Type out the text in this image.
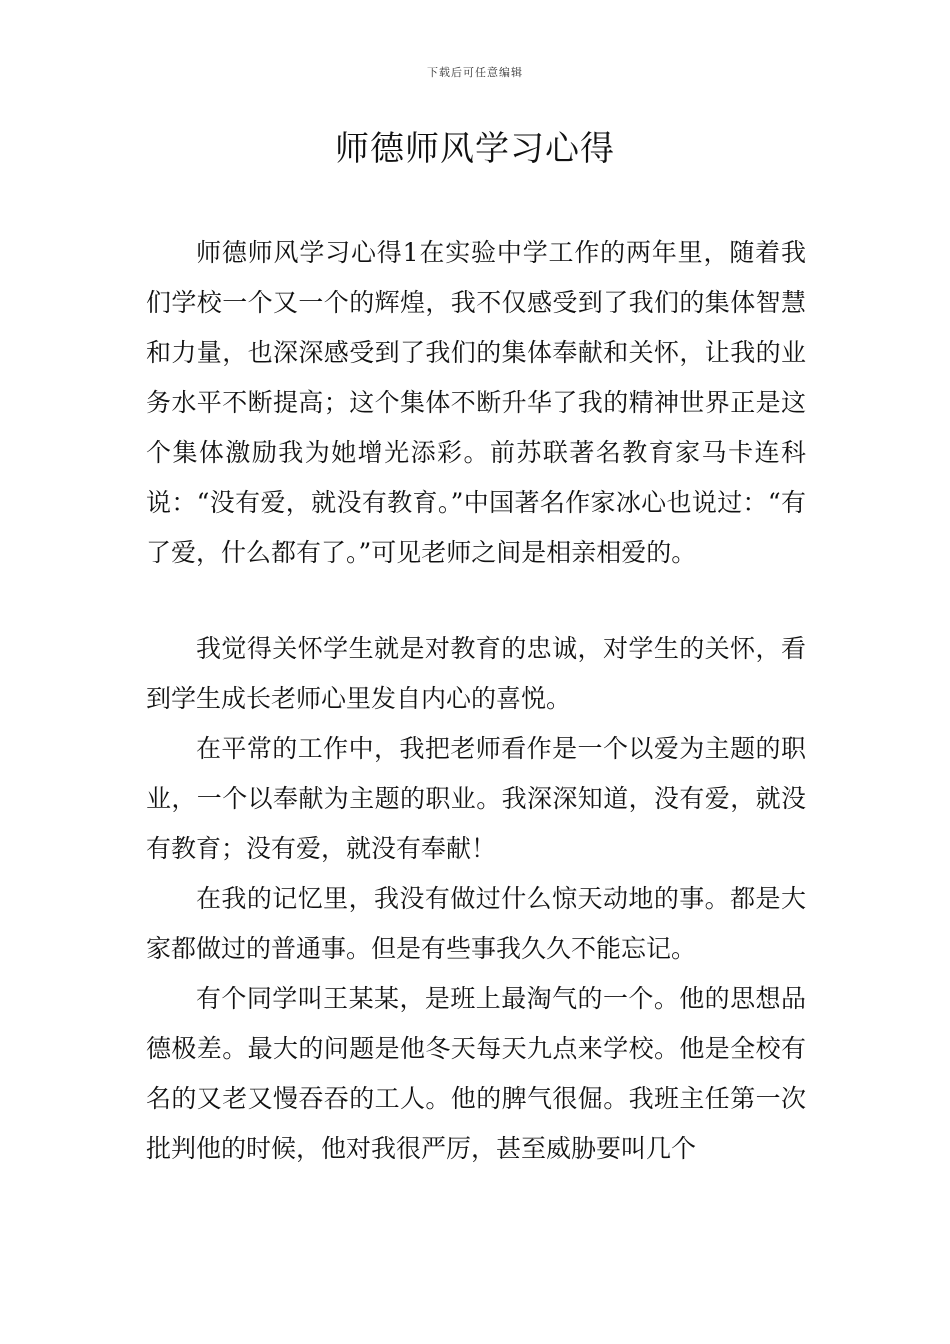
下载后可任意编辑
师德师风学习心得

师德师风学习心得1在实验中学工作的两年里，随着我们学校一个又一个的辉煌，我不仅感受到了我们的集体智慧和力量，也深深感受到了我们的集体奉献和关怀，让我的业务水平不断提高；这个集体不断升华了我的精神世界正是这个集体激励我为她增光添彩。前苏联著名教育家马卡连科说：“没有爱，就没有教育。”中国著名作家冰心也说过：“有了爱，什么都有了。”可见老师之间是相亲相爱的。

我觉得关怀学生就是对教育的忠诚，对学生的关怀，看到学生成长老师心里发自内心的喜悦。

在平常的工作中，我把老师看作是一个以爱为主题的职业，一个以奉献为主题的职业。我深深知道，没有爱，就没有教育；没有爱，就没有奉献！

在我的记忆里，我没有做过什么惊天动地的事。都是大家都做过的普通事。但是有些事我久久不能忘记。

有个同学叫王某某，是班上最淘气的一个。他的思想品德极差。最大的问题是他冬天每天九点来学校。他是全校有名的又老又慢吞吞的工人。他的脾气很倔。我班主任第一次批判他的时候，他对我很严厉，甚至威胁要叫几个
